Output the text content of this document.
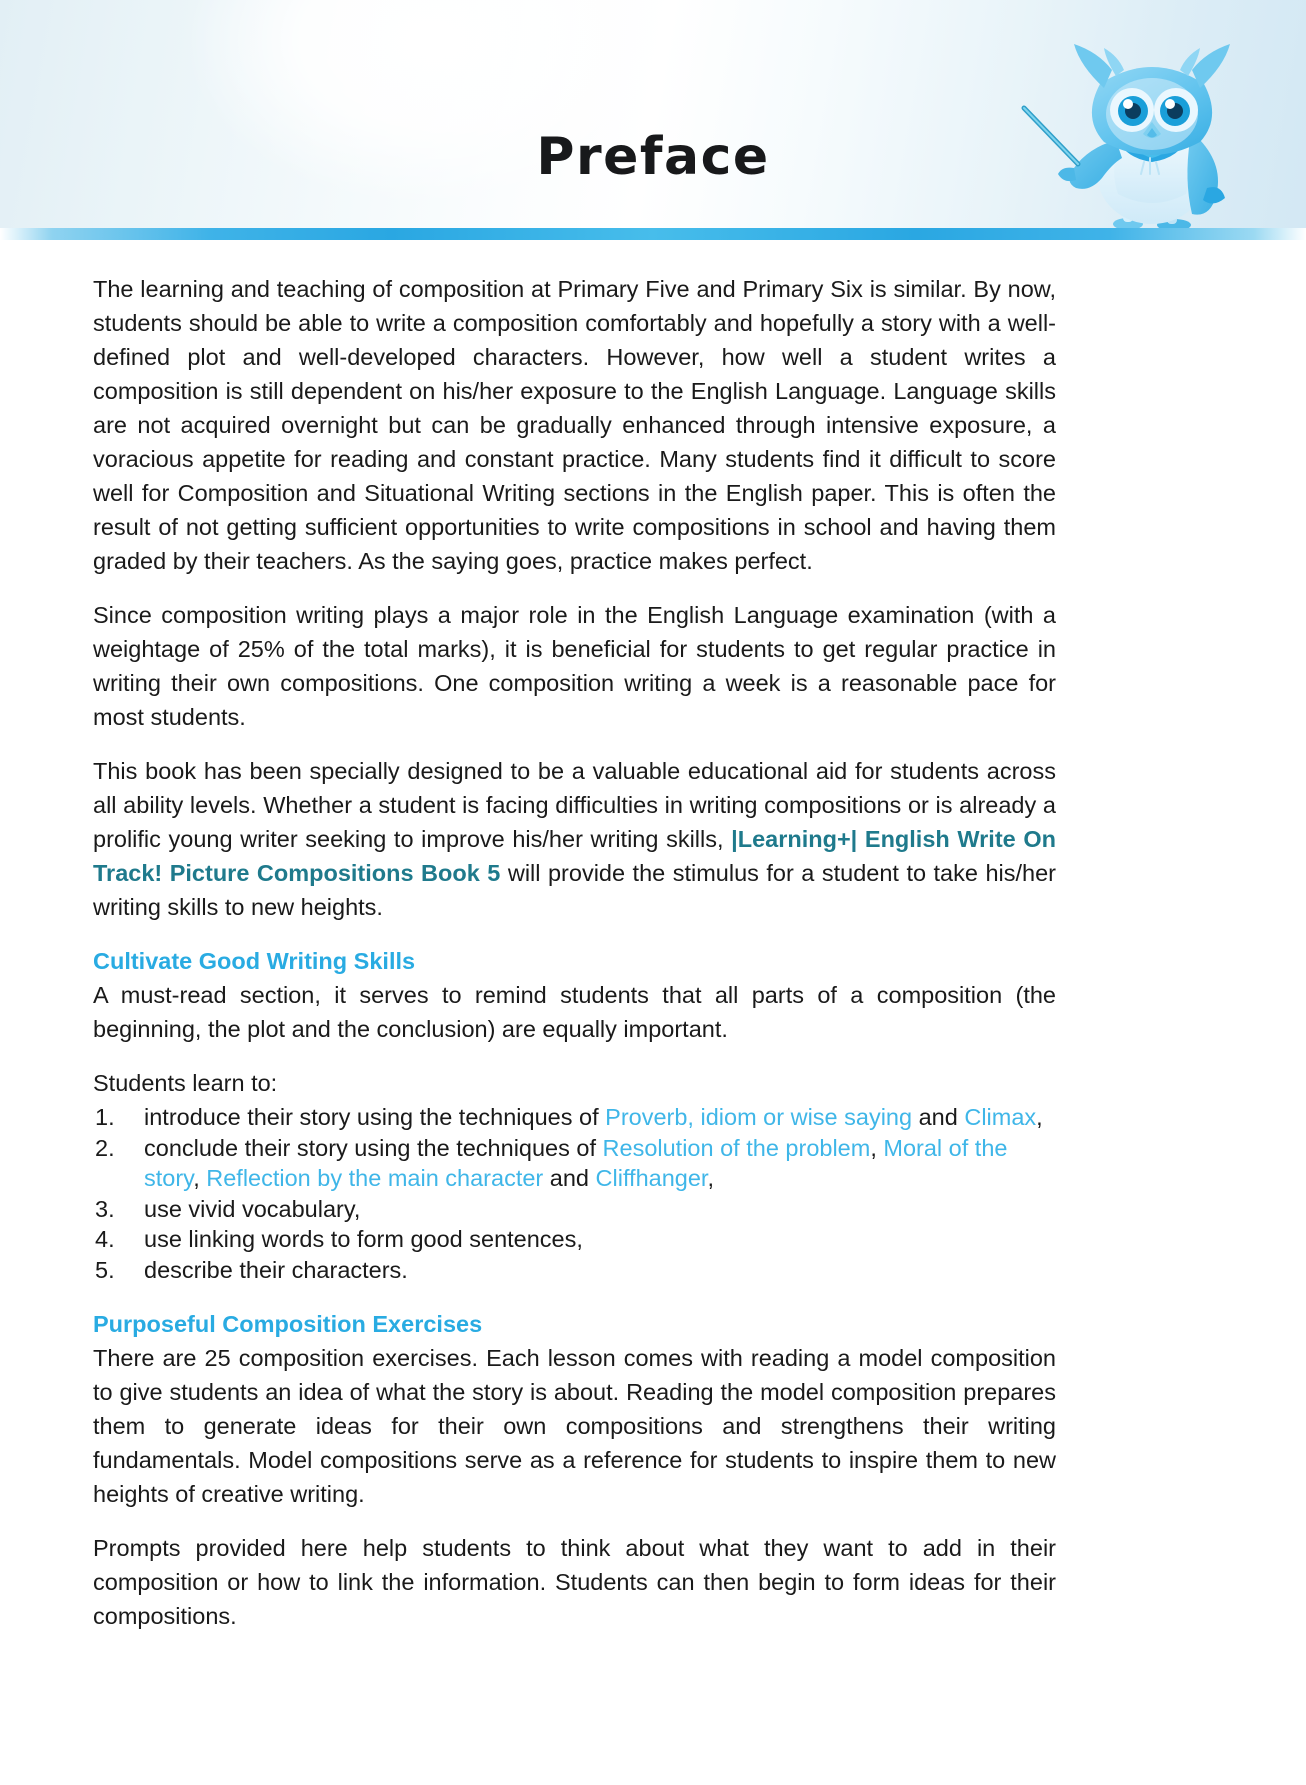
Preface

The learning and teaching of composition at Primary Five and Primary Six is similar. By now, students should be able to write a composition comfortably and hopefully a story with a well-defined plot and well-developed characters. However, how well a student writes a composition is still dependent on his/her exposure to the English Language. Language skills are not acquired overnight but can be gradually enhanced through intensive exposure, a voracious appetite for reading and constant practice. Many students find it difficult to score well for Composition and Situational Writing sections in the English paper. This is often the result of not getting sufficient opportunities to write compositions in school and having them graded by their teachers. As the saying goes, practice makes perfect.

Since composition writing plays a major role in the English Language examination (with a weightage of 25% of the total marks), it is beneficial for students to get regular practice in writing their own compositions. One composition writing a week is a reasonable pace for most students.

This book has been specially designed to be a valuable educational aid for students across all ability levels. Whether a student is facing difficulties in writing compositions or is already a prolific young writer seeking to improve his/her writing skills, |Learning+| English Write On Track! Picture Compositions Book 5 will provide the stimulus for a student to take his/her writing skills to new heights.

Cultivate Good Writing Skills

A must-read section, it serves to remind students that all parts of a composition (the beginning, the plot and the conclusion) are equally important.

Students learn to:

1.	introduce their story using the techniques of Proverb, idiom or wise saying and Climax,
2.	conclude their story using the techniques of Resolution of the problem, Moral of the story, Reflection by the main character and Cliffhanger,
3.	use vivid vocabulary,
4.	use linking words to form good sentences,
5.	describe their characters.
Purposeful Composition Exercises

There are 25 composition exercises. Each lesson comes with reading a model composition to give students an idea of what the story is about. Reading the model composition prepares them to generate ideas for their own compositions and strengthens their writing fundamentals. Model compositions serve as a reference for students to inspire them to new heights of creative writing.

Prompts provided here help students to think about what they want to add in their composition or how to link the information. Students can then begin to form ideas for their compositions.
